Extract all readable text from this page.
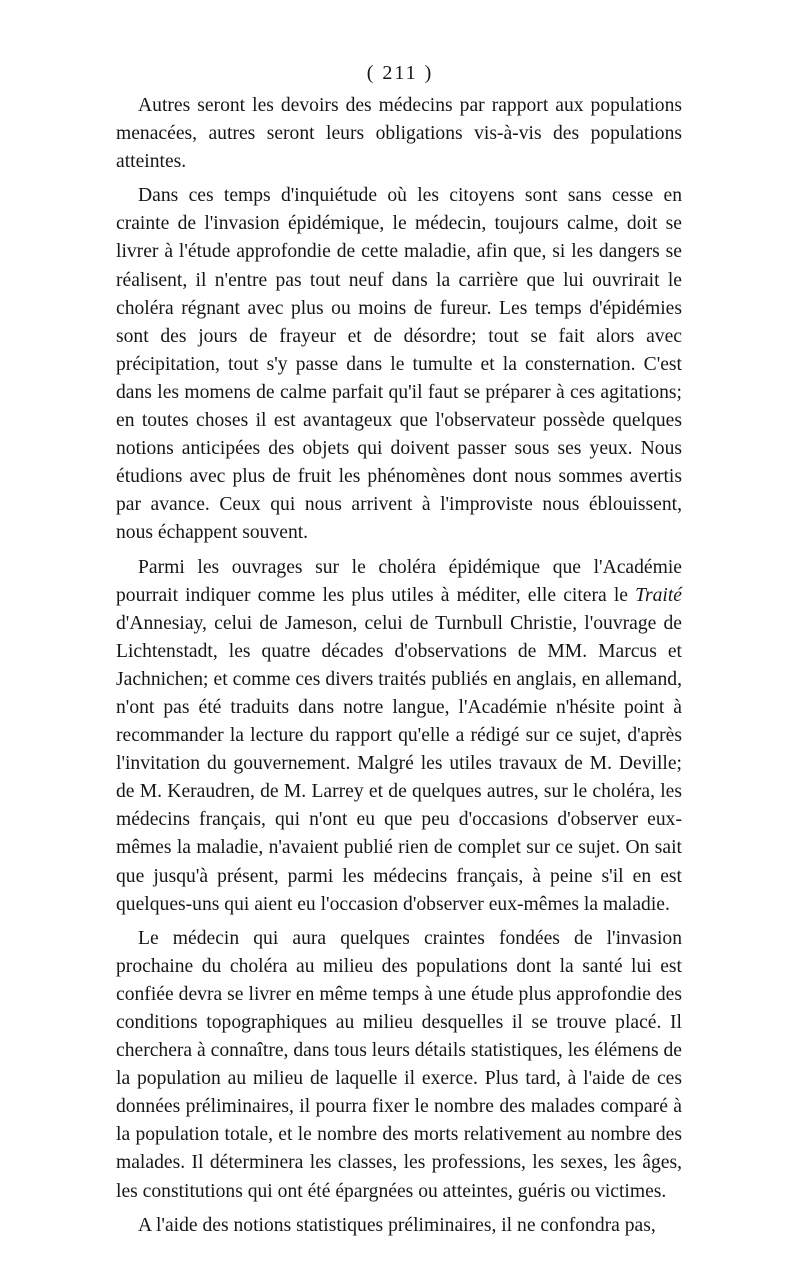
( 211 )

Autres seront les devoirs des médecins par rapport aux populations menacées, autres seront leurs obligations vis-à-vis des populations atteintes.

Dans ces temps d'inquiétude où les citoyens sont sans cesse en crainte de l'invasion épidémique, le médecin, toujours calme, doit se livrer à l'étude approfondie de cette maladie, afin que, si les dangers se réalisent, il n'entre pas tout neuf dans la carrière que lui ouvrirait le choléra régnant avec plus ou moins de fureur. Les temps d'épidémies sont des jours de frayeur et de désordre; tout se fait alors avec précipitation, tout s'y passe dans le tumulte et la consternation. C'est dans les momens de calme parfait qu'il faut se préparer à ces agitations; en toutes choses il est avantageux que l'observateur possède quelques notions anticipées des objets qui doivent passer sous ses yeux. Nous étudions avec plus de fruit les phénomènes dont nous sommes avertis par avance. Ceux qui nous arrivent à l'improviste nous éblouissent, nous échappent souvent.

Parmi les ouvrages sur le choléra épidémique que l'Académie pourrait indiquer comme les plus utiles à méditer, elle citera le Traité d'Annesiay, celui de Jameson, celui de Turnbull Christie, l'ouvrage de Lichtenstadt, les quatre décades d'observations de MM. Marcus et Jachnichen; et comme ces divers traités publiés en anglais, en allemand, n'ont pas été traduits dans notre langue, l'Académie n'hésite point à recommander la lecture du rapport qu'elle a rédigé sur ce sujet, d'après l'invitation du gouvernement. Malgré les utiles travaux de M. Deville; de M. Keraudren, de M. Larrey et de quelques autres, sur le choléra, les médecins français, qui n'ont eu que peu d'occasions d'observer eux-mêmes la maladie, n'avaient publié rien de complet sur ce sujet. On sait que jusqu'à présent, parmi les médecins français, à peine s'il en est quelques-uns qui aient eu l'occasion d'observer eux-mêmes la maladie.

Le médecin qui aura quelques craintes fondées de l'invasion prochaine du choléra au milieu des populations dont la santé lui est confiée devra se livrer en même temps à une étude plus approfondie des conditions topographiques au milieu desquelles il se trouve placé. Il cherchera à connaître, dans tous leurs détails statistiques, les élémens de la population au milieu de laquelle il exerce. Plus tard, à l'aide de ces données préliminaires, il pourra fixer le nombre des malades comparé à la population totale, et le nombre des morts relativement au nombre des malades. Il déterminera les classes, les professions, les sexes, les âges, les constitutions qui ont été épargnées ou atteintes, guéris ou victimes.

A l'aide des notions statistiques préliminaires, il ne confondra pas,
